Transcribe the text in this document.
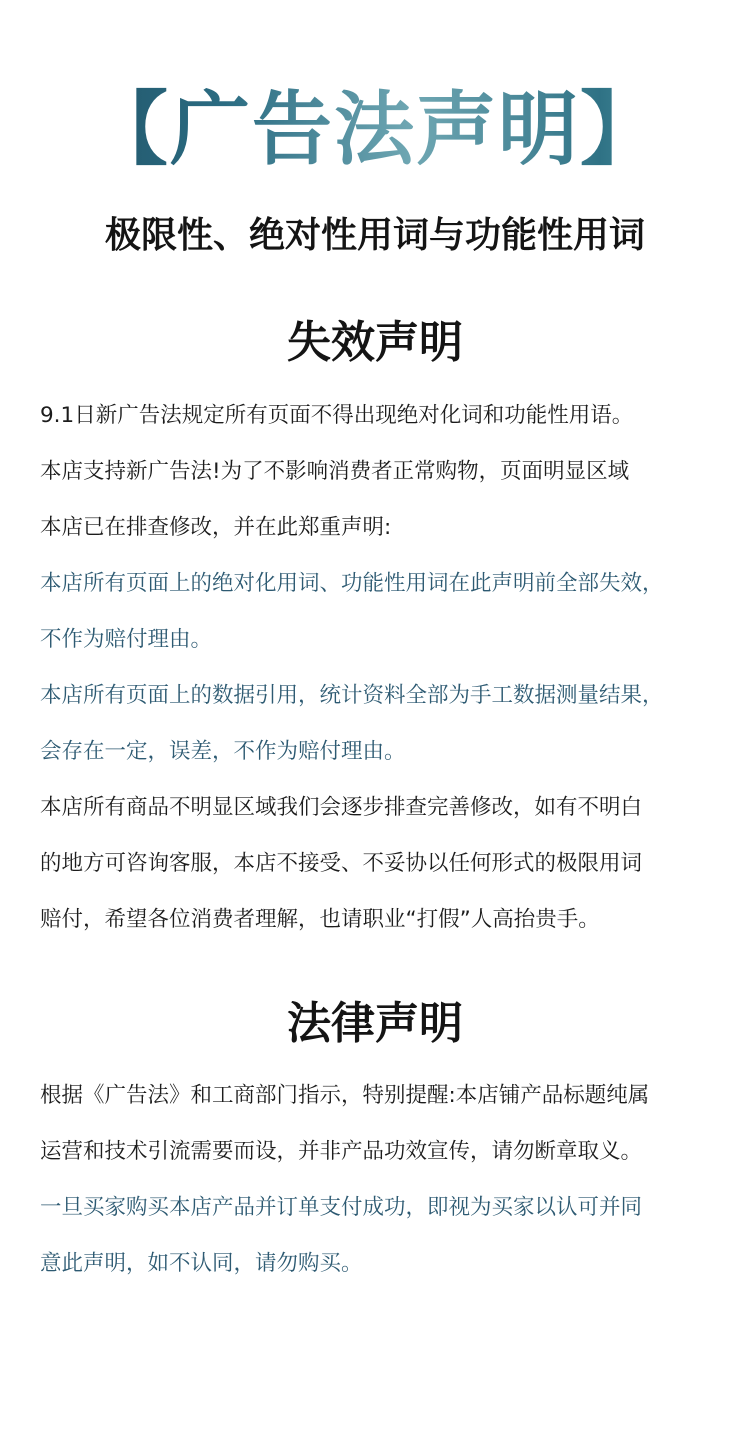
【广告法声明】
极限性、绝对性用词与功能性用词
失效声明
9.1日新广告法规定所有页面不得出现绝对化词和功能性用语。
本店支持新广告法!为了不影响消费者正常购物，页面明显区域
本店已在排查修改，并在此郑重声明:
本店所有页面上的绝对化用词、功能性用词在此声明前全部失效，
不作为赔付理由。
本店所有页面上的数据引用，统计资料全部为手工数据测量结果，
会存在一定，误差，不作为赔付理由。
本店所有商品不明显区域我们会逐步排查完善修改，如有不明白
的地方可咨询客服，本店不接受、不妥协以任何形式的极限用词
赔付，希望各位消费者理解，也请职业“打假”人高抬贵手。
法律声明
根据《广告法》和工商部门指示，特别提醒:本店铺产品标题纯属
运营和技术引流需要而设，并非产品功效宣传，请勿断章取义。
一旦买家购买本店产品并订单支付成功，即视为买家以认可并同
意此声明，如不认同，请勿购买。
